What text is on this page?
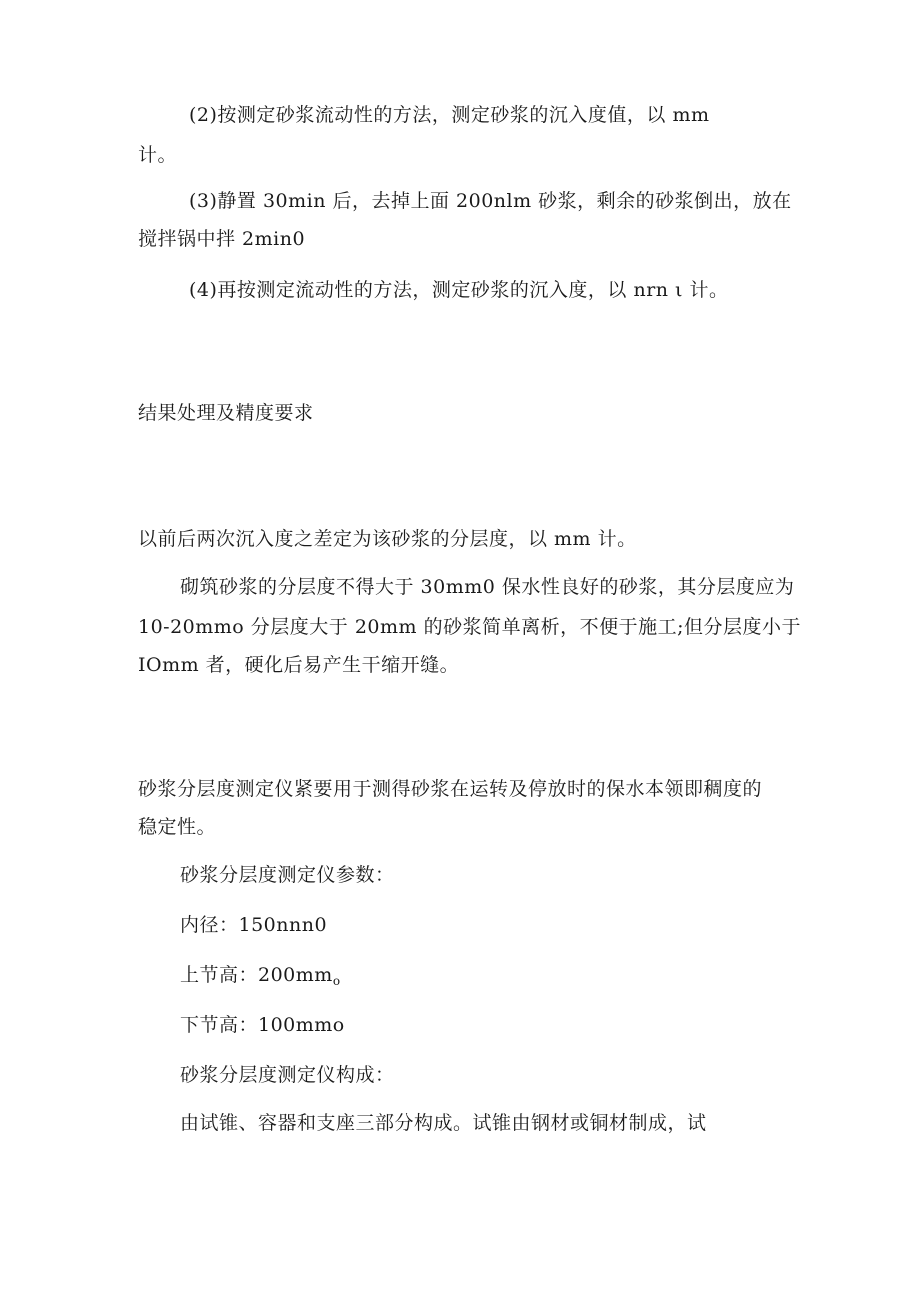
(2)按测定砂浆流动性的方法，测定砂浆的沉入度值，以 mm
计。
(3)静置 30min 后，去掉上面 200nlm 砂浆，剩余的砂浆倒出，放在
搅拌锅中拌 2min0
(4)再按测定流动性的方法，测定砂浆的沉入度，以 nrn ι 计。
结果处理及精度要求
以前后两次沉入度之差定为该砂浆的分层度，以 mm 计。
砌筑砂浆的分层度不得大于 30mm0 保水性良好的砂浆，其分层度应为
10-20mmo 分层度大于 20mm 的砂浆简单离析，不便于施工;但分层度小于
IOmm 者，硬化后易产生干缩开缝。
砂浆分层度测定仪紧要用于测得砂浆在运转及停放时的保水本领即稠度的
稳定性。
砂浆分层度测定仪参数：
内径：150nnn0
上节高：$200mm_o$
下节高：100mmo
砂浆分层度测定仪构成：
由试锥、容器和支座三部分构成。试锥由钢材或铜材制成，试
